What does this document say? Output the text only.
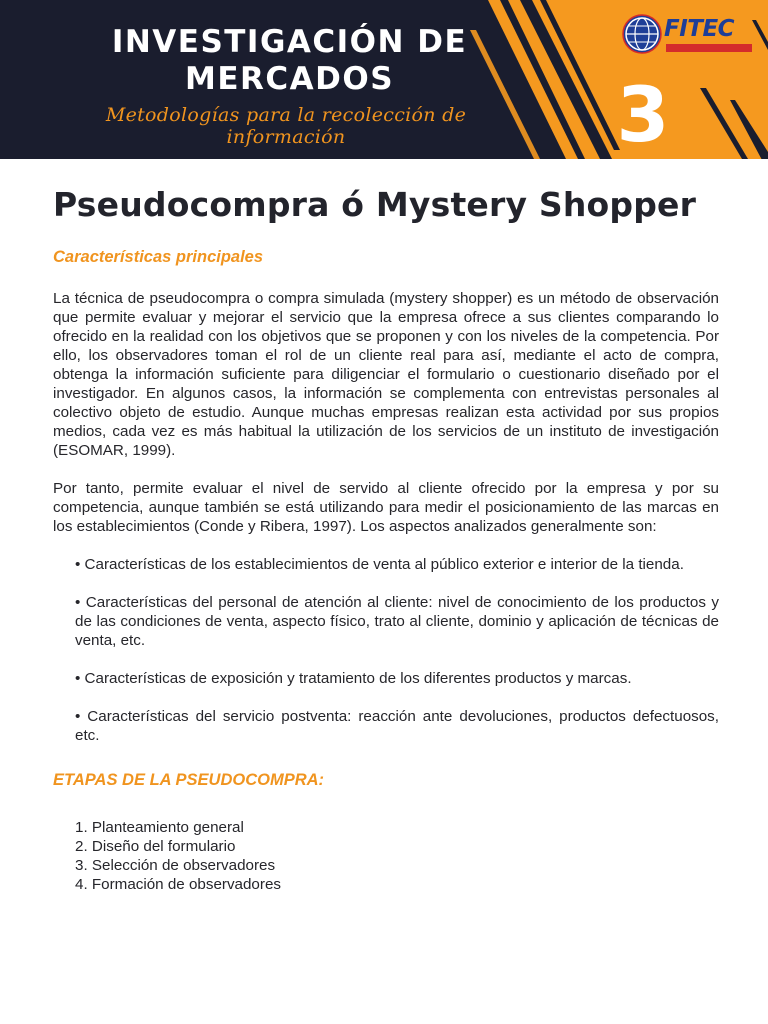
INVESTIGACIÓN DE
MERCADOS
Metodologías para la recolección de información	3
FITEC
Pseudocompra ó Mystery Shopper
Características principales

La técnica de pseudocompra o compra simulada (mystery shopper) es un método de observación que permite evaluar y mejorar el servicio que la empresa ofrece a sus clientes comparando lo ofrecido en la realidad con los objetivos que se proponen y con los niveles de la competencia. Por ello, los observadores toman el rol de un cliente real para así, mediante el acto de compra, obtenga la información suficiente para diligenciar el formulario o cuestionario diseñado por el investigador. En algunos casos, la información se complementa con entrevistas personales al colectivo objeto de estudio. Aunque muchas empresas realizan esta actividad por sus propios medios, cada vez es más habitual la utilización de los servicios de un instituto de investigación (ESOMAR, 1999).

Por tanto, permite evaluar el nivel de servido al cliente ofrecido por la empresa y por su competencia, aunque también se está utilizando para medir el posicionamiento de las marcas en los establecimientos (Conde y Ribera, 1997). Los aspectos analizados generalmente son:

• Características de los establecimientos de venta al público exterior e interior de la tienda.
• Características del personal de atención al cliente: nivel de conocimiento de los productos y de las condiciones de venta, aspecto físico, trato al cliente, dominio y aplicación de técnicas de venta, etc.
• Características de exposición y tratamiento de los diferentes productos y marcas.
• Características del servicio postventa: reacción ante devoluciones, productos defectuosos, etc.
ETAPAS DE LA PSEUDOCOMPRA:
1. Planteamiento general
2. Diseño del formulario
3. Selección de observadores
4. Formación de observadores
